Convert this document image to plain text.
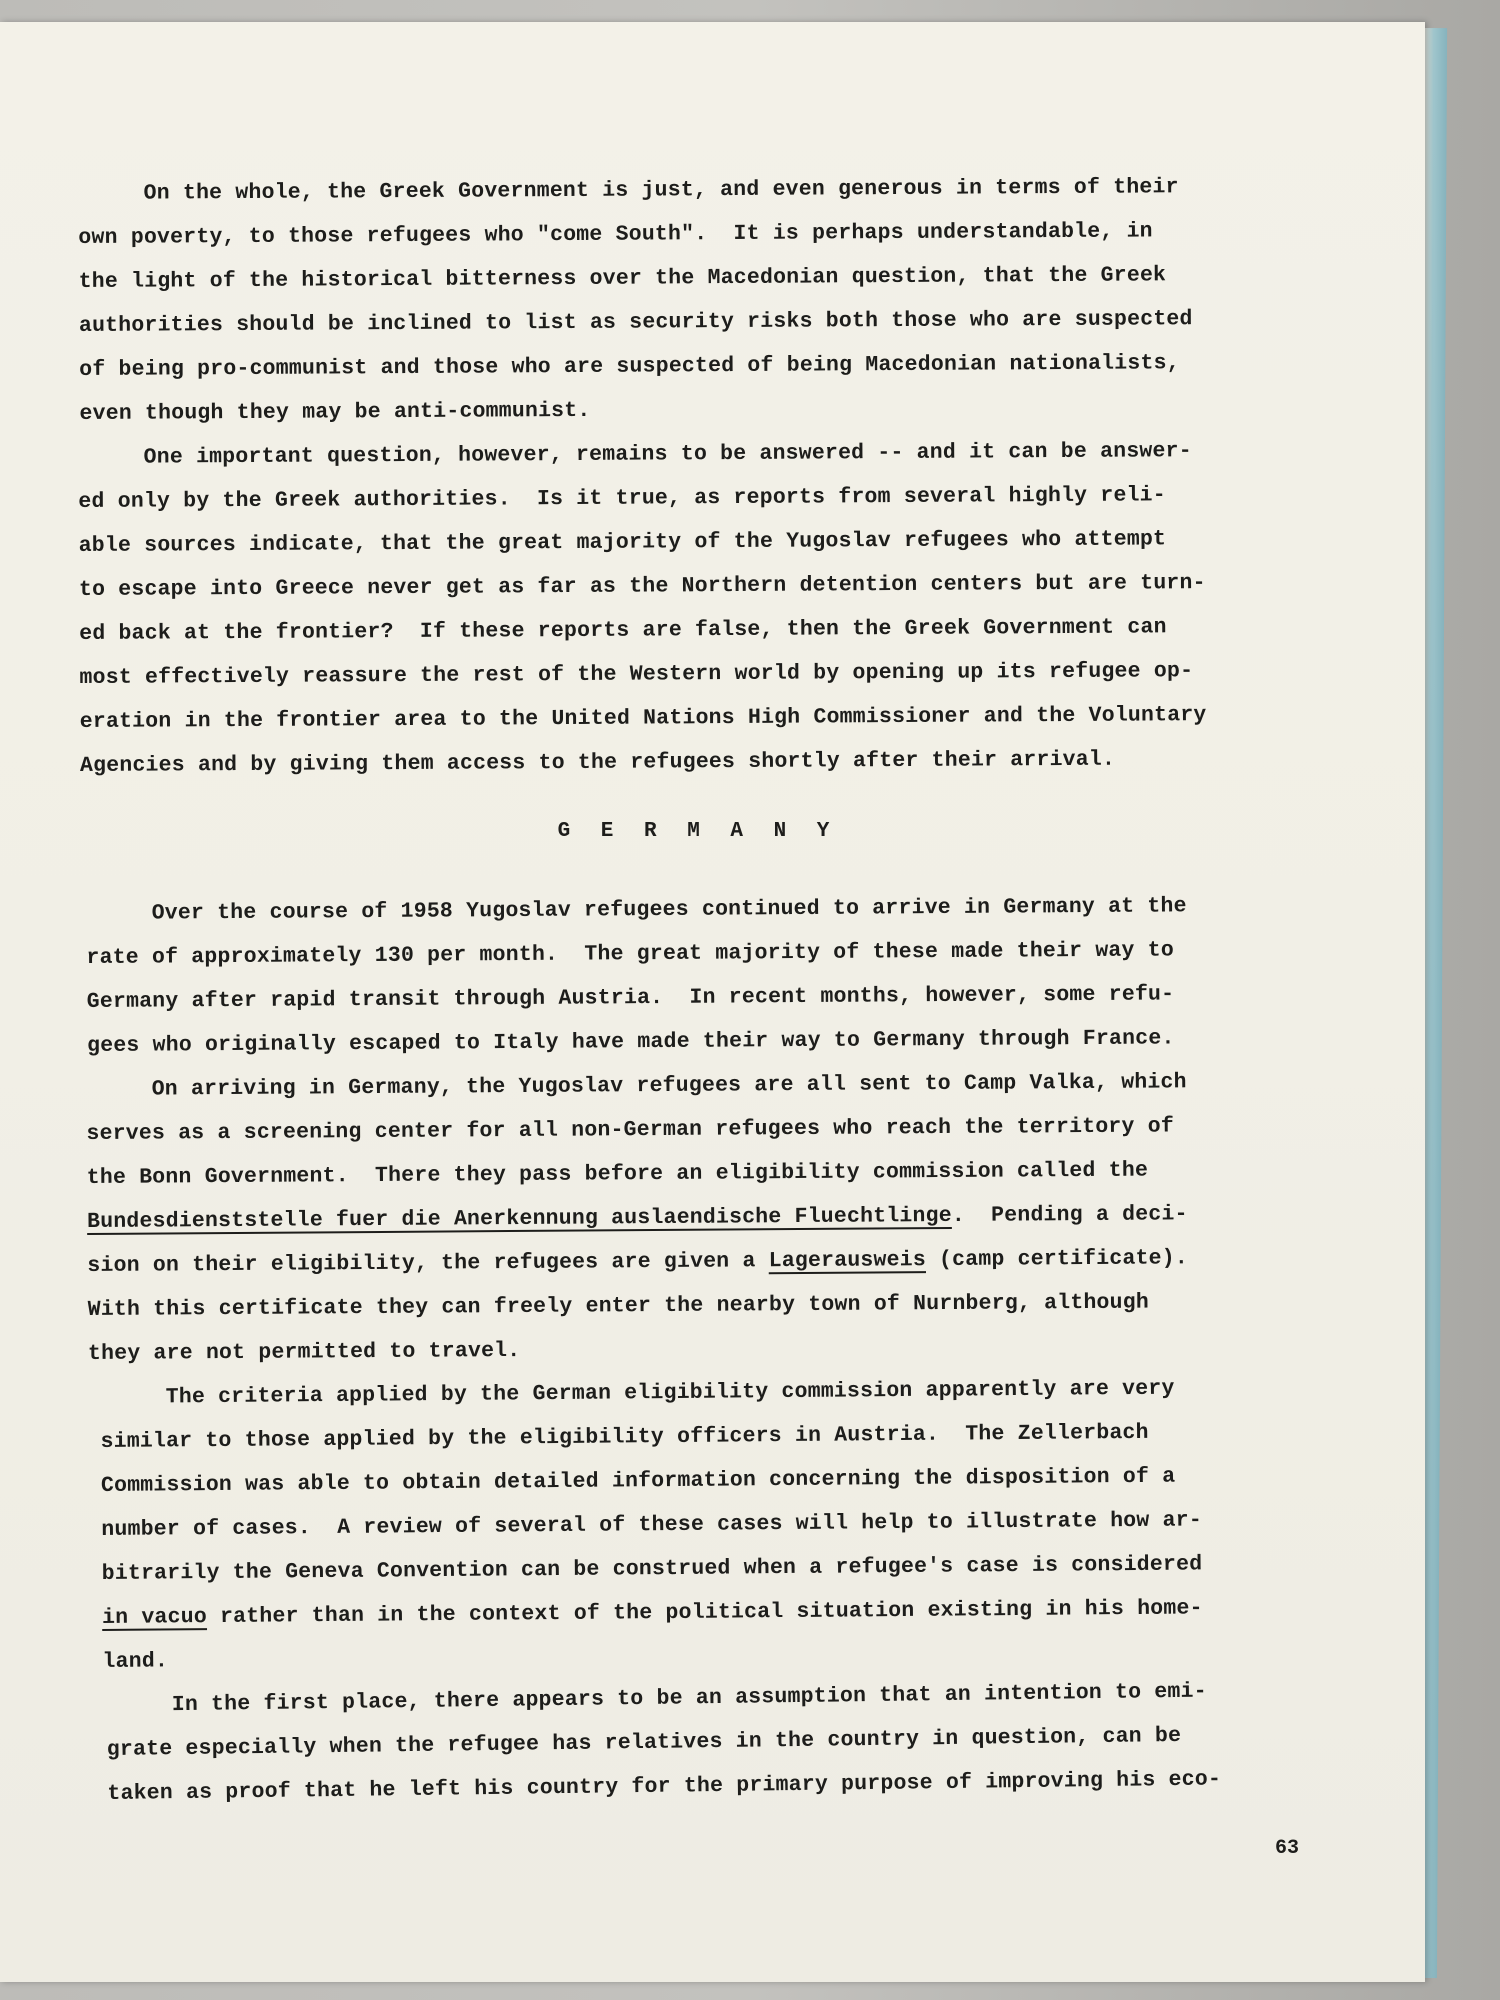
On the whole, the Greek Government is just, and even generous in terms of their
own poverty, to those refugees who "come South".  It is perhaps understandable, in
the light of the historical bitterness over the Macedonian question, that the Greek
authorities should be inclined to list as security risks both those who are suspected
of being pro-communist and those who are suspected of being Macedonian nationalists,
even though they may be anti-communist.
One important question, however, remains to be answered -- and it can be answer-
ed only by the Greek authorities.  Is it true, as reports from several highly reli-
able sources indicate, that the great majority of the Yugoslav refugees who attempt
to escape into Greece never get as far as the Northern detention centers but are turn-
ed back at the frontier?  If these reports are false, then the Greek Government can
most effectively reassure the rest of the Western world by opening up its refugee op-
eration in the frontier area to the United Nations High Commissioner and the Voluntary
Agencies and by giving them access to the refugees shortly after their arrival.
G E R M A N Y
Over the course of 1958 Yugoslav refugees continued to arrive in Germany at the
rate of approximately 130 per month.  The great majority of these made their way to
Germany after rapid transit through Austria.  In recent months, however, some refu-
gees who originally escaped to Italy have made their way to Germany through France.
On arriving in Germany, the Yugoslav refugees are all sent to Camp Valka, which
serves as a screening center for all non-German refugees who reach the territory of
the Bonn Government.  There they pass before an eligibility commission called the
Bundesdienststelle fuer die Anerkennung auslaendische Fluechtlinge.  Pending a deci-
sion on their eligibility, the refugees are given a Lagerausweis (camp certificate).
With this certificate they can freely enter the nearby town of Nurnberg, although
they are not permitted to travel.
The criteria applied by the German eligibility commission apparently are very
similar to those applied by the eligibility officers in Austria.  The Zellerbach
Commission was able to obtain detailed information concerning the disposition of a
number of cases.  A review of several of these cases will help to illustrate how ar-
bitrarily the Geneva Convention can be construed when a refugee's case is considered
in vacuo rather than in the context of the political situation existing in his home-
land.
In the first place, there appears to be an assumption that an intention to emi-
grate especially when the refugee has relatives in the country in question, can be
taken as proof that he left his country for the primary purpose of improving his eco-
63
